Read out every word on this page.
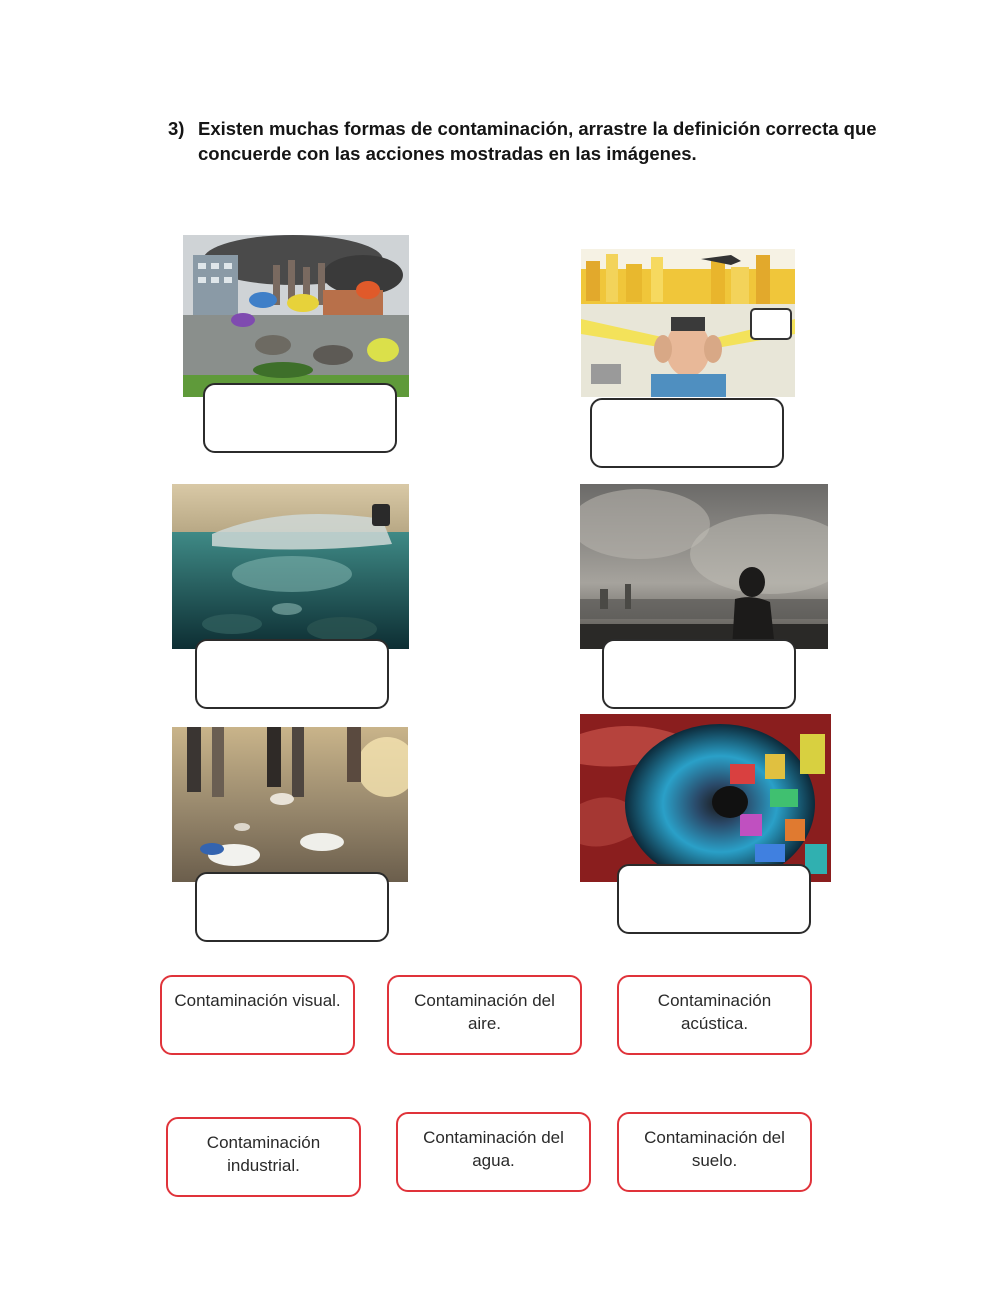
3) Existen muchas formas de contaminación, arrastre la definición correcta que concuerde con las acciones mostradas en las imágenes.
Contaminación visual.	Contaminación del aire.
Contaminación acústica.
Contaminación industrial.
Contaminación del agua.
Contaminación del suelo.
